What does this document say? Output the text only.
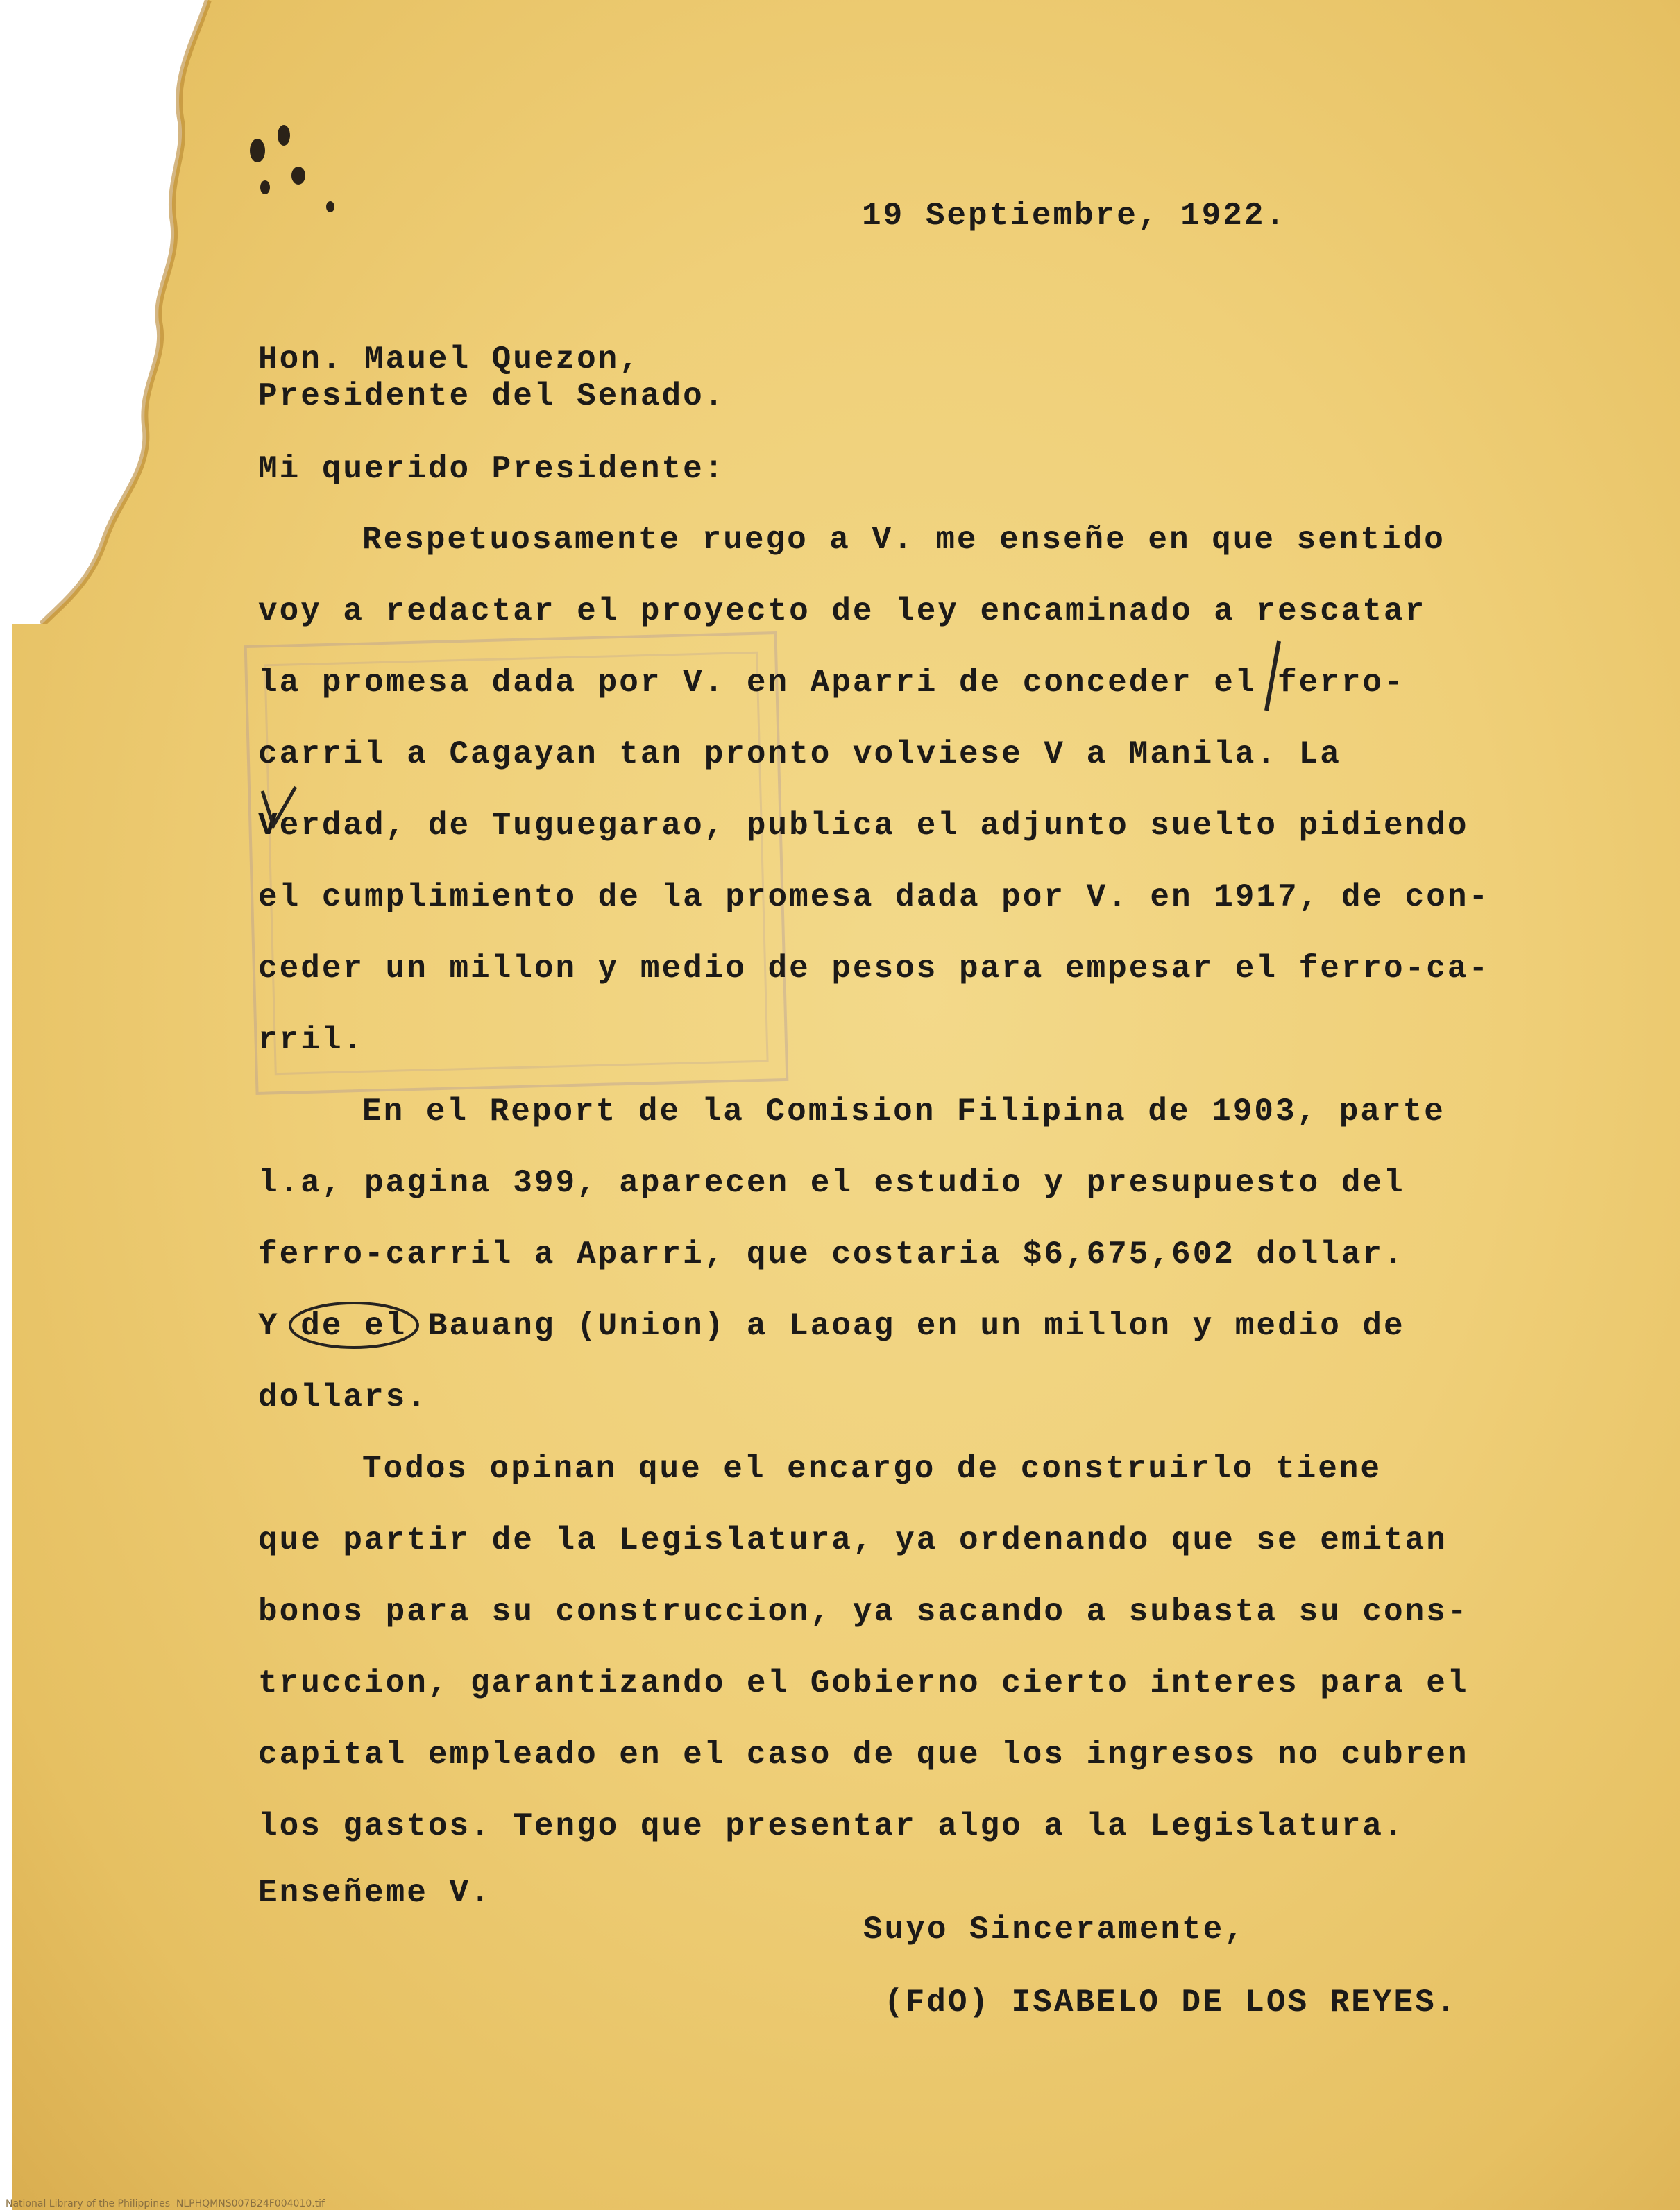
19 Septiembre, 1922.

Hon. Mauel Quezon,

Presidente del Senado.

Mi querido Presidente:

Respetuosamente ruego a V. me enseñe en que sentido

voy a redactar el proyecto de ley encaminado a rescatar

la promesa dada por V. en Aparri de conceder el ferro-

carril a Cagayan tan pronto volviese V a Manila. La

Verdad, de Tuguegarao, publica el adjunto suelto pidiendo

el cumplimiento de la promesa dada por V. en 1917, de con-

ceder un millon y medio de pesos para empesar el ferro-ca-

rril.

En el Report de la Comision Filipina de 1903, parte

l.a, pagina 399, aparecen el estudio y presupuesto del

ferro-carril a Aparri, que costaria $6,675,602 dollar.

Y de el Bauang (Union) a Laoag en un millon y medio de

dollars.

Todos opinan que el encargo de construirlo tiene

que partir de la Legislatura, ya ordenando que se emitan

bonos para su construccion, ya sacando a subasta su cons-

truccion, garantizando el Gobierno cierto interes para el

capital empleado en el caso de que los ingresos no cubren

los gastos. Tengo que presentar algo a la Legislatura.

Enseñeme V.

Suyo Sinceramente,

(FdO) ISABELO DE LOS REYES.

National Library of the Philippines  NLPHQMNS007B24F004010.tif
